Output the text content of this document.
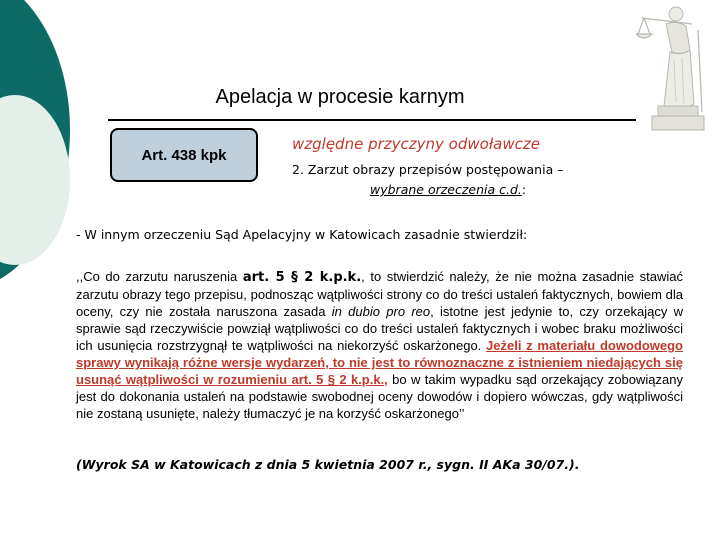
Apelacja w procesie karnym
Art. 438 kpk
względne przyczyny odwoławcze
2. Zarzut obrazy przepisów postępowania –
wybrane orzeczenia c.d.:
- W innym orzeczeniu Sąd Apelacyjny w Katowicach zasadnie stwierdził:

,,Co do zarzutu naruszenia art. 5 § 2 k.p.k., to stwierdzić należy, że nie można zasadnie stawiać zarzutu obrazy tego przepisu, podnosząc wątpliwości strony co do treści ustaleń faktycznych, bowiem dla oceny, czy nie została naruszona zasada in dubio pro reo, istotne jest jedynie to, czy orzekający w sprawie sąd rzeczywiście powziął wątpliwości co do treści ustaleń faktycznych i wobec braku możliwości ich usunięcia rozstrzygnął te wątpliwości na niekorzyść oskarżonego. Jeżeli z materiału dowodowego sprawy wynikają różne wersje wydarzeń, to nie jest to równoznaczne z istnieniem niedających się usunąć wątpliwości w rozumieniu art. 5 § 2 k.p.k., bo w takim wypadku sąd orzekający zobowiązany jest do dokonania ustaleń na podstawie swobodnej oceny dowodów i dopiero wówczas, gdy wątpliwości nie zostaną usunięte, należy tłumaczyć je na korzyść oskarżonego’’

(Wyrok SA w Katowicach z dnia 5 kwietnia 2007 r., sygn. II AKa 30/07.).
